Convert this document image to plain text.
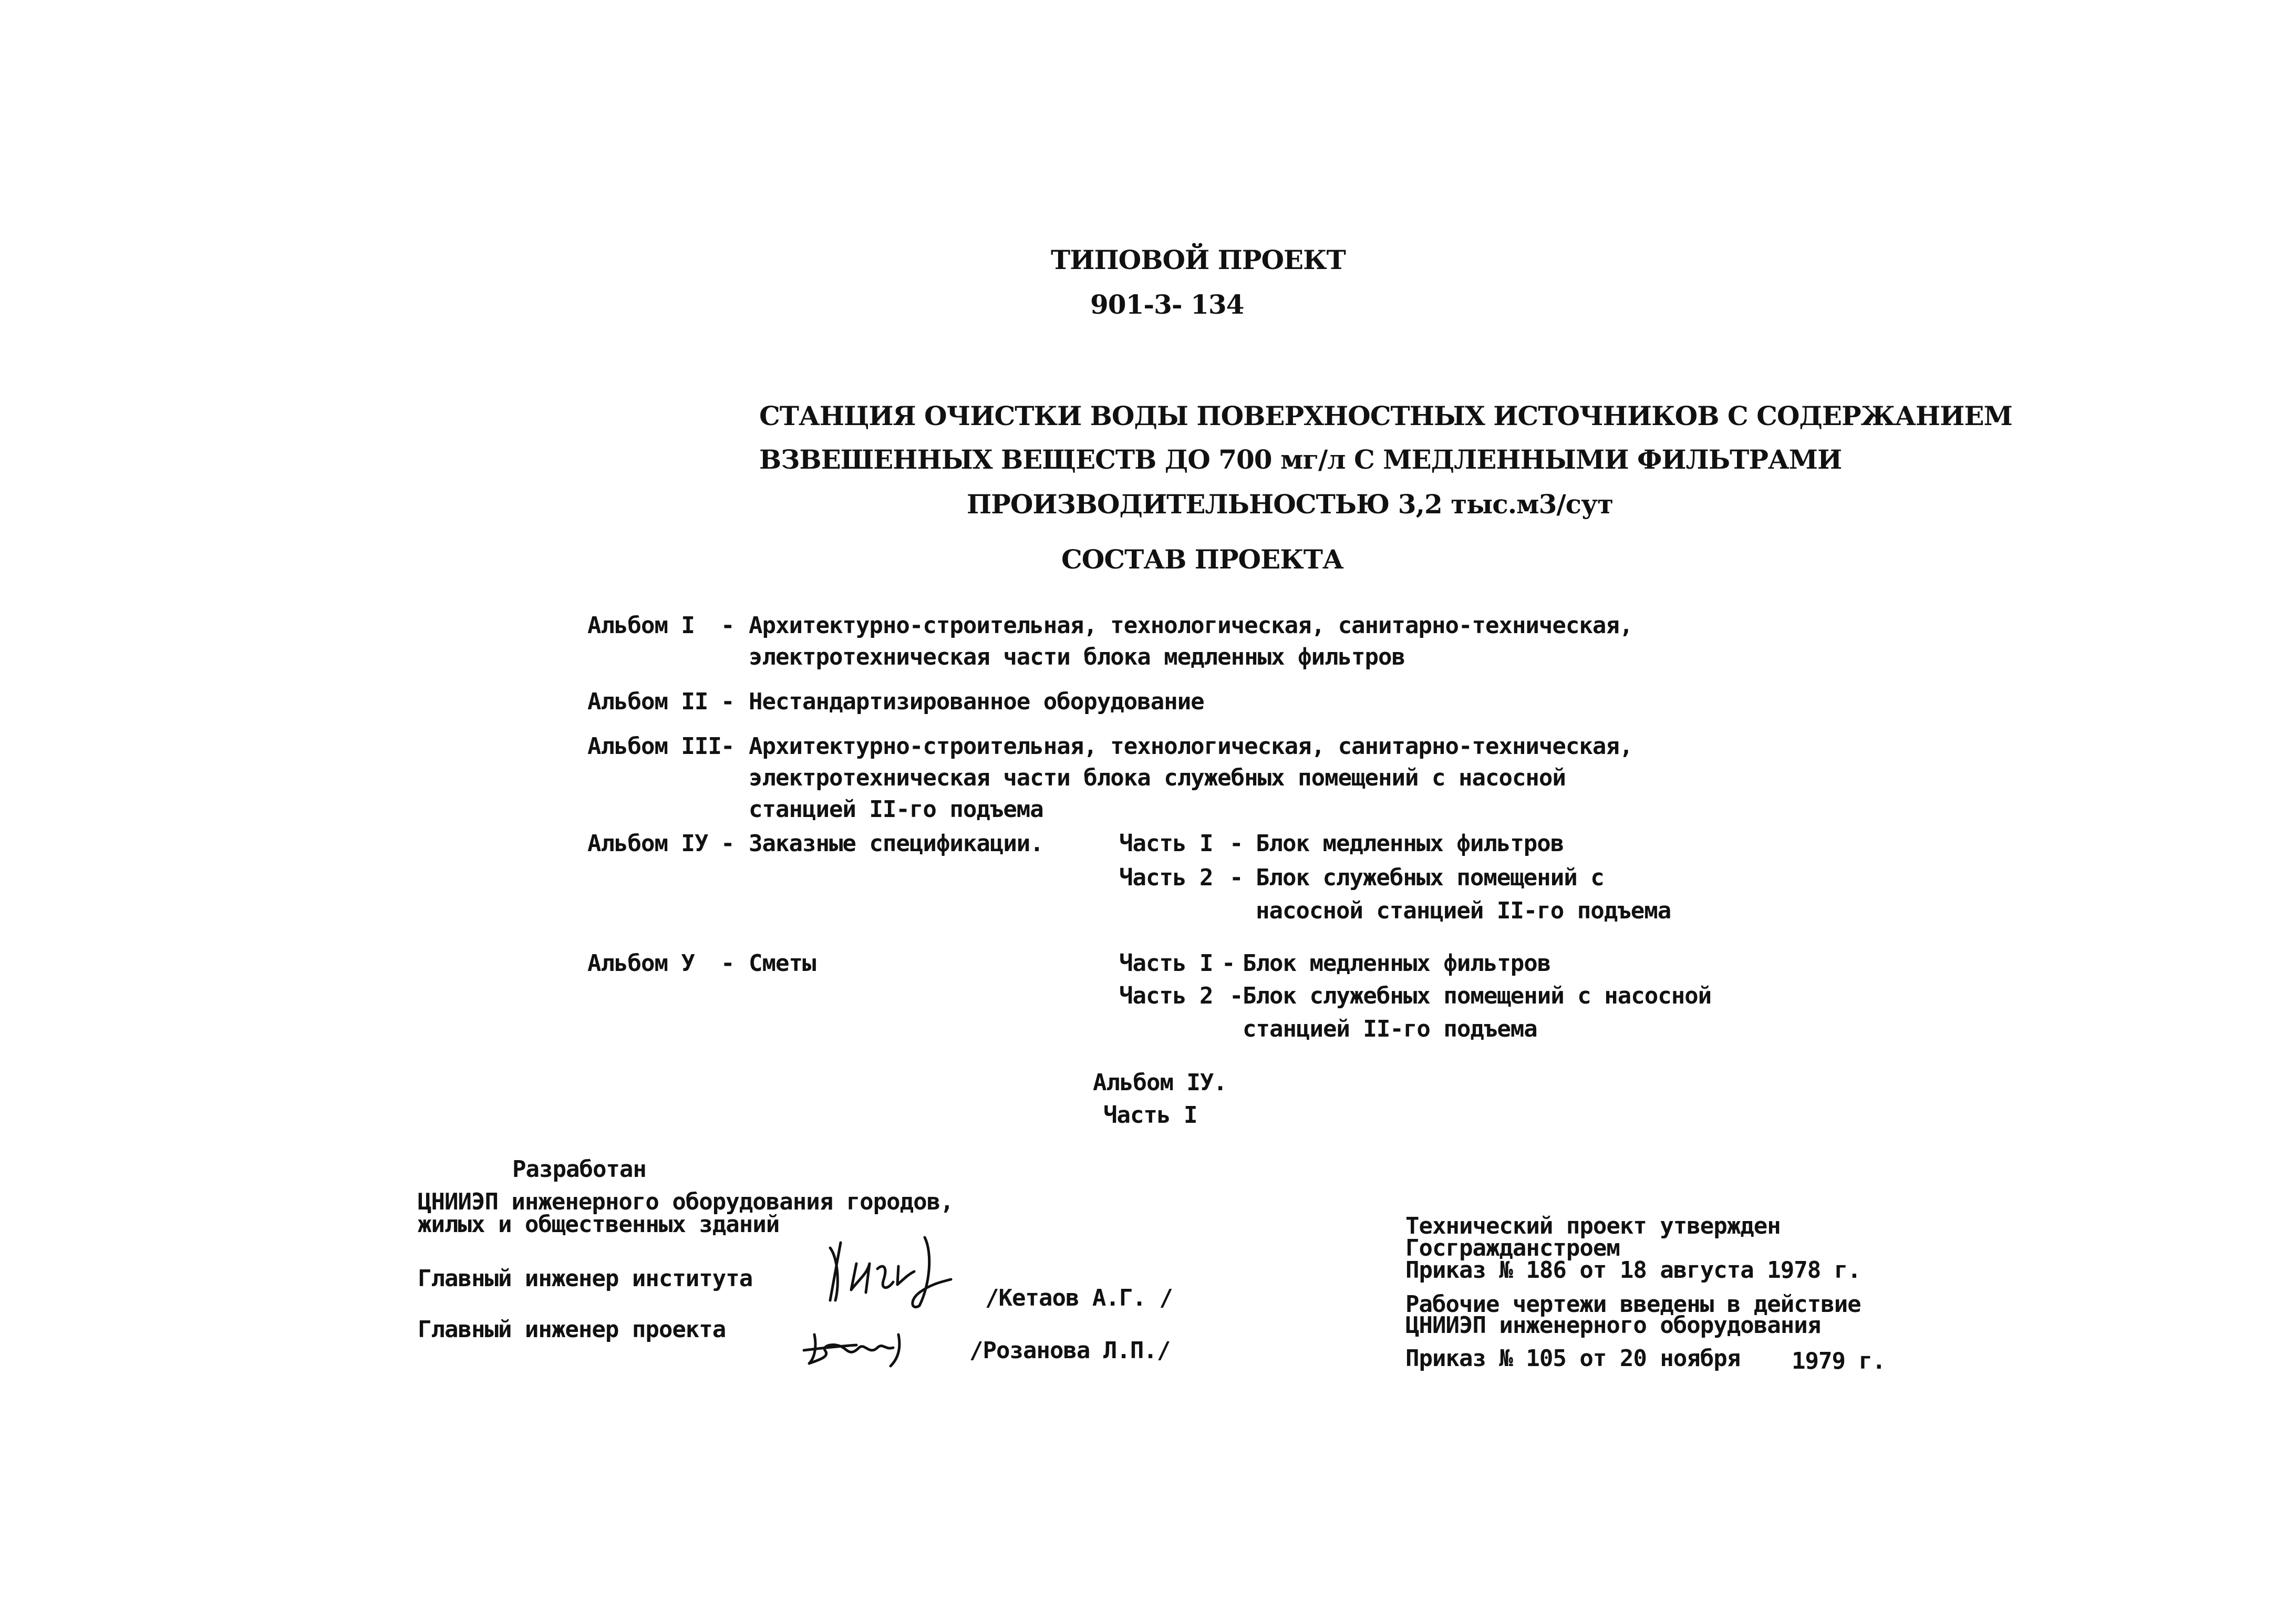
ТИПОВОЙ ПРОЕКТ
901-3- 134
СТАНЦИЯ ОЧИСТКИ ВОДЫ ПОВЕРХНОСТНЫХ ИСТОЧНИКОВ С СОДЕРЖАНИЕМ
ВЗВЕШЕННЫХ ВЕЩЕСТВ ДО 700 мг/л С МЕДЛЕННЫМИ ФИЛЬТРАМИ
ПРОИЗВОДИТЕЛЬНОСТЬЮ 3,2 тыс.м3/сут
СОСТАВ ПРОЕКТА
Альбом I - Архитектурно-строительная, технологическая, санитарно-техническая,
электротехническая части блока медленных фильтров
Альбом II - Нестандартизированное оборудование
Альбом III - Архитектурно-строительная, технологическая, санитарно-техническая,
электротехническая части блока служебных помещений с насосной
станцией II-го подъема
Альбом IУ - Заказные спецификации.	Часть I - Блок медленных фильтров
Часть 2 - Блок служебных помещений с
насосной станцией II-го подъема
Альбом У - Сметы	Часть I - Блок медленных фильтров
Часть 2 - Блок служебных помещений с насосной
станцией II-го подъема
Альбом IУ.
Часть I
Разработан
ЦНИИЭП инженерного оборудования городов,
жилых и общественных зданий
Главный инженер института
/Кетаов А.Г. /
Главный инженер проекта
/Розанова Л.П./
Технический проект утвержден
Госгражданстроем
Приказ № 186 от 18 августа 1978 г.
Рабочие чертежи введены в действие
ЦНИИЭП инженерного оборудования
Приказ № 105 от 20 ноября 1979 г.
